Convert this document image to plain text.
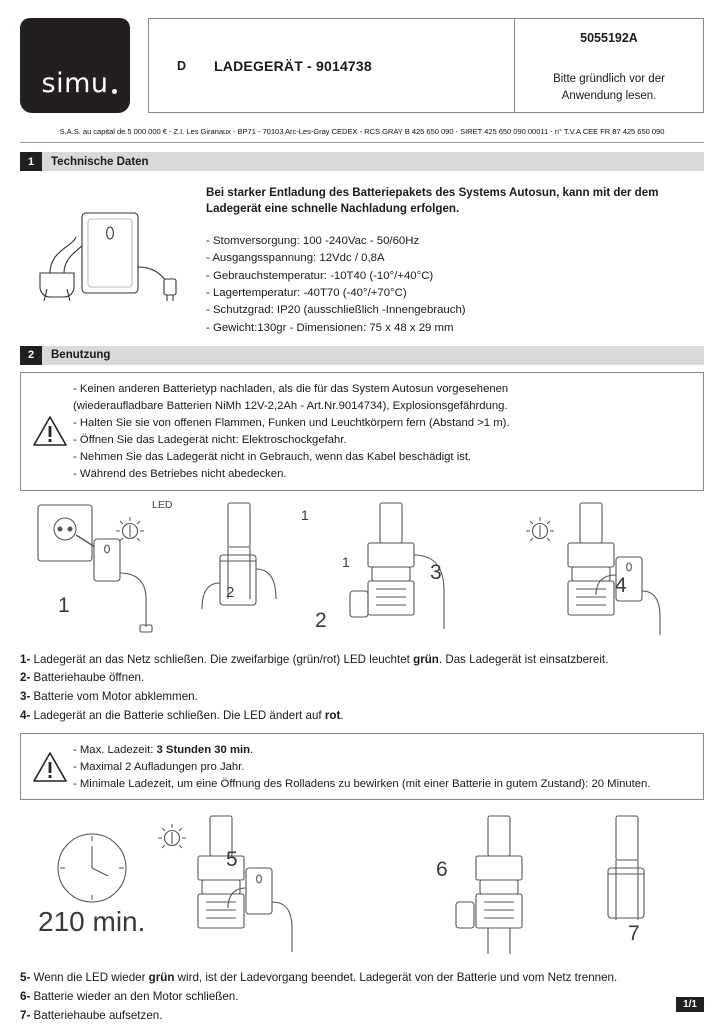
simu
D LADEGERÄT - 9014738
5055192A
Bitte gründlich vor der Anwendung lesen.
S.A.S. au capital de 5 000 000 € - Z.I. Les Giranaux - BP71 - 70103 Arc-Les-Gray CEDEX - RCS GRAY B 425 650 090 - SIRET 425 650 090 00011 - n° T.V.A CEE FR 87 425 650 090
1	Technische Daten
Bei starker Entladung des Batteriepakets des Systems Autosun, kann mit der dem Ladegerät eine schnelle Nachladung erfolgen.
- Stomversorgung: 100 -240Vac - 50/60Hz
- Ausgangsspannung: 12Vdc / 0,8A
- Gebrauchstemperatur: -10T40 (-10°/+40°C)
- Lagertemperatur: -40T70 (-40°/+70°C)
- Schutzgrad: IP20 (ausschließlich -Innengebrauch)
- Gewicht:130gr - Dimensionen: 75 x 48 x 29 mm
2	Benutzung
- Keinen anderen Batterietyp nachladen, als die für das System Autosun vorgesehenen
(wiederaufladbare Batterien NiMh 12V-2,2Ah - Art.Nr.9014734), Explosionsgefährdung.
- Halten Sie sie von offenen Flammen, Funken und Leuchtkörpern fern (Abstand >1 m).
- Öffnen Sie das Ladegerät nicht: Elektroschockgefahr.
- Nehmen Sie das Ladegerät nicht in Gebrauch, wenn das Kabel beschädigt ist.
- Während des Betriebes nicht abedecken.
1
2
1
1
2
3
4
LED
1- Ladegerät an das Netz schließen. Die zweifarbige (grün/rot) LED leuchtet grün. Das Ladegerät ist einsatzbereit.
2- Batteriehaube öffnen.
3- Batterie vom Motor abklemmen.
4- Ladegerät an die Batterie schließen. Die LED ändert auf rot.
- Max. Ladezeit: 3 Stunden 30 min.
- Maximal 2 Aufladungen pro Jahr.
- Minimale Ladezeit, um eine Öffnung des Rolladens zu bewirken (mit einer Batterie in gutem Zustand): 20 Minuten.
210 min.
5	6
7
5- Wenn die LED wieder grün wird, ist der Ladevorgang beendet. Ladegerät von der Batterie und vom Netz trennen.
6- Batterie wieder an den Motor schließen.
7- Batteriehaube aufsetzen.
1/1
